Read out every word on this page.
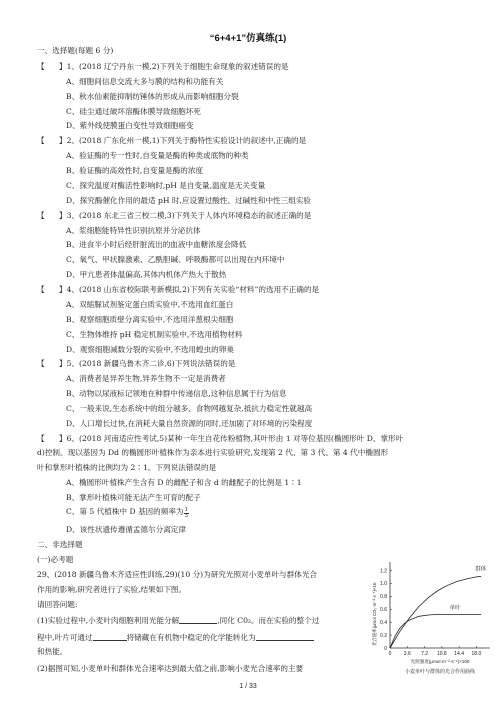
“6+4+1”仿真练(1)
一、选择题(每题 6 分)
【 】1、(2018 辽宁丹东一模,2)下列关于细胞生命现象的叙述错误的是
A、细胞间信息交流大多与膜的结构和功能有关
B、秋水仙素能抑制纺锤体的形成从而影响细胞分裂
C、硅尘通过破坏溶酶体膜导致细胞坏死
D、紫外线使膜蛋白变性导致细胞癌变
【 】2、(2018 广东化州一模,1)下列关于酶特性实验设计的叙述中,正确的是
A、验证酶的专一性时,自变量是酶的种类或底物的种类
B、验证酶的高效性时,自变量是酶的浓度
C、探究温度对酶活性影响时,pH 是自变量,温度是无关变量
D、探究酶催化作用的最适 pH 时,应设置过酸性、过碱性和中性三组实验
【 】3、(2018 东北三省三校二模,3)下列关于人体内环境稳态的叙述正确的是
A、浆细胞能特异性识别抗原并分泌抗体
B、进食半小时后经肝脏流出的血液中血糖浓度会降低
C、氧气、甲状腺激素、乙酰胆碱、呼吸酶都可以出现在内环境中
D、甲亢患者体温偏高,其体内机体产热大于散热
【 】4、(2018 山东省校际联考新模拟,2)下列有关实验“材料”的选用不正确的是
A、双缩脲试剂鉴定蛋白质实验中,不选用血红蛋白
B、观察细胞质壁分离实验中,不选用洋葱根尖细胞
C、生物体维持 pH 稳定机制实验中,不选用植物材料
D、观察细胞减数分裂的实验中,不选用蝗虫的卵巢
【 】5、(2018 新疆乌鲁木齐二诊,6)下列说法错误的是
A、消费者是异养生物,异养生物不一定是消费者
B、动物以尿液标记领地在种群中传递信息,这种信息属于行为信息
C、一般来说,生态系统中的组分越多、食物网越复杂,抵抗力稳定性就越高
D、人口增长过快,在消耗大量自然资源的同时,还加剧了对环境的污染程度
【 】6、(2018 河南适应性考试,5)某种一年生自花传粉植物,其叶形由 1 对等位基因(椭圆形叶 D、掌形叶
d)控制。现以基因为 Dd 的椭圆形叶植株作为亲本进行实验研究,发现第 2 代、第 3 代、第 4 代中椭圆形
叶和掌形叶植株的比例均为 2∶1。下列说法错误的是
A、椭圆形叶植株产生含有 D 的雌配子和含 d 的雌配子的比例是 1∶1
B、掌形叶植株可能无法产生可育的配子
C、第 5 代植株中 D 基因的频率为 $\frac{1}{3}$
D、该性状遗传遵循孟德尔分离定律
二、非选择题
(一)必考题
29、(2018 新疆乌鲁木齐适应性训练,29)(10 分)为研究光照对小麦单叶与群体光合
作用的影响,研究者进行了实验,结果如下图。
请回答问题:
(1)实验过程中,小麦叶肉细胞利用光能分解	,同化 C0₂。而在实验的整个过
程中,叶片可通过	将储藏在有机物中稳定的化学能转化为
和热能。
(2)据图可知,小麦单叶和群体光合速率达到最大值之前,影响小麦光合速率的主要
0
0.2
0.4
0.6
0.8
1.0
1.2
0 3.6 7.2 10.8 14.4 18.0
群体
单叶
光合速率(μmol CO₂·m⁻²·s⁻¹)×10
光照强度(μmol·m⁻²·s⁻¹)×100
小麦单叶与群体的光合作用曲线
1 / 33
